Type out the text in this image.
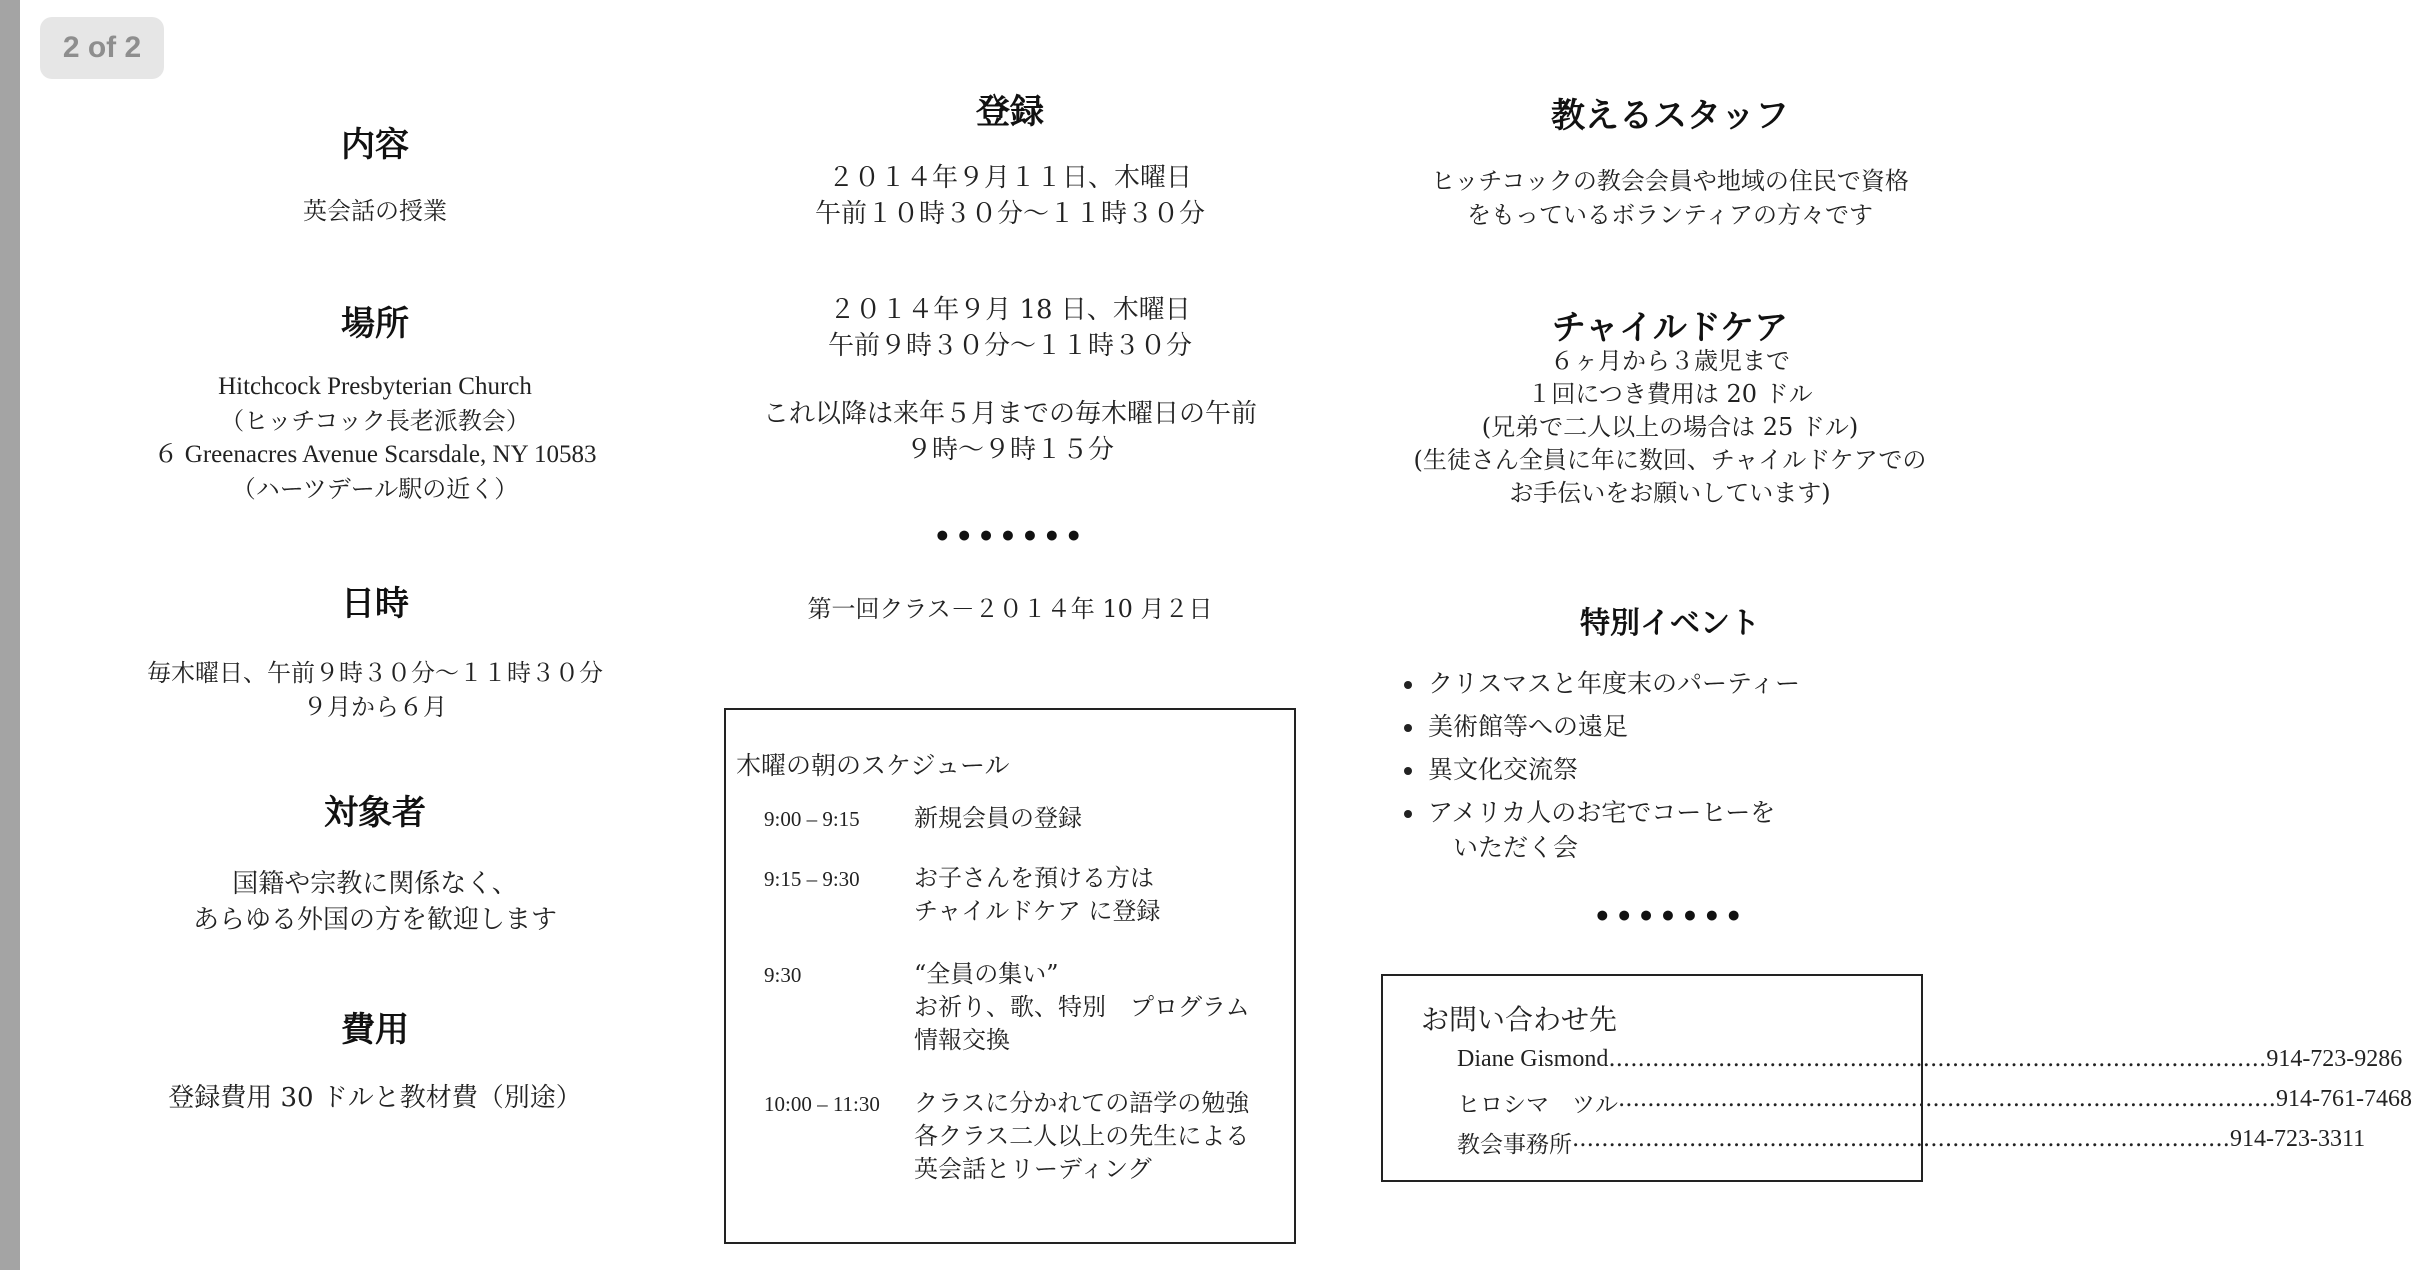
2 of 2
内容
英会話の授業
場所
Hitchcock Presbyterian Church
（ヒッチコック長老派教会）
６ Greenacres Avenue Scarsdale, NY 10583
（ハーツデール駅の近く）
日時
毎木曜日、午前９時３０分〜１１時３０分
９月から６月
対象者
国籍や宗教に関係なく、
あらゆる外国の方を歓迎します
費用
登録費用 30 ドルと教材費（別途）
登録
２０１４年９月１１日、木曜日
午前１０時３０分〜１１時３０分
２０１４年９月 18 日、木曜日
午前９時３０分〜１１時３０分
これ以降は来年５月までの毎木曜日の午前
９時〜９時１５分
•••••••
第一回クラス－２０１４年 10 月２日
木曜の朝のスケジュール
9:00 – 9:15 新規会員の登録
9:15 – 9:30 お子さんを預ける方は
チャイルドケア に登録
9:30	“全員の集い”
お祈り、歌、特別　プログラム
情報交換
10:00 – 11:30 クラスに分かれての語学の勉強
各クラス二人以上の先生による
英会話とリーディング
教えるスタッフ
ヒッチコックの教会会員や地域の住民で資格
をもっているボランティアの方々です
チャイルドケア
６ヶ月から３歳児まで
１回につき費用は 20 ドル
(兄弟で二人以上の場合は 25 ドル)
(生徒さん全員に年に数回、チャイルドケアでの
お手伝いをお願いしています)
特別イベント
•••••••
• クリスマスと年度末のパーティー
• 美術館等への遠足
• 異文化交流祭
• アメリカ人のお宅でコーヒーを
　いただく会
お問い合わせ先
Diane Gismond .......................................................................................... 914-723-9286
ヒロシマ　ツル .......................................................................................... 914-761-7468
教会事務所 .......................................................................................... 914-723-3311
